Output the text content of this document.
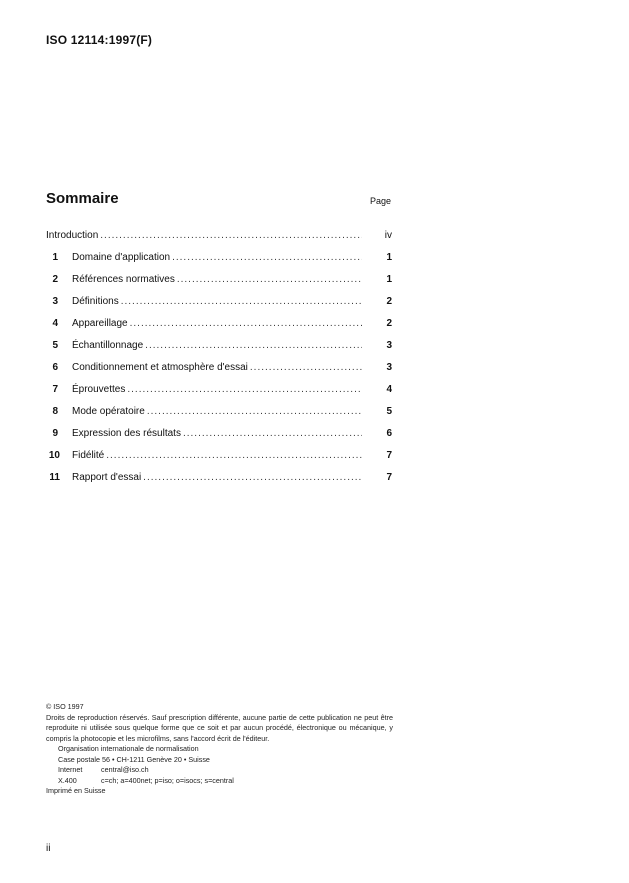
ISO 12114:1997(F)
Sommaire	Page
Introduction .....	iv
1 Domaine d'application .....	1
2 Références normatives .....	1
3 Définitions .....	2
4 Appareillage .....	2
5 Échantillonnage .....	3
6 Conditionnement et atmosphère d'essai .....	3
7 Éprouvettes .....	4
8 Mode opératoire .....	5
9 Expression des résultats .....	6
10 Fidélité .....	7
11 Rapport d'essai .....	7
© ISO 1997
Droits de reproduction réservés. Sauf prescription différente, aucune partie de cette publication ne peut être reproduite ni utilisée sous quelque forme que ce soit et par aucun procédé, électronique ou mécanique, y compris la photocopie et les microfilms, sans l'accord écrit de l'éditeur.
Organisation internationale de normalisation
Case postale 56 • CH-1211 Genève 20 • Suisse
Internet	central@iso.ch
X.400	c=ch; a=400net; p=iso; o=isocs; s=central
Imprimé en Suisse
ii
